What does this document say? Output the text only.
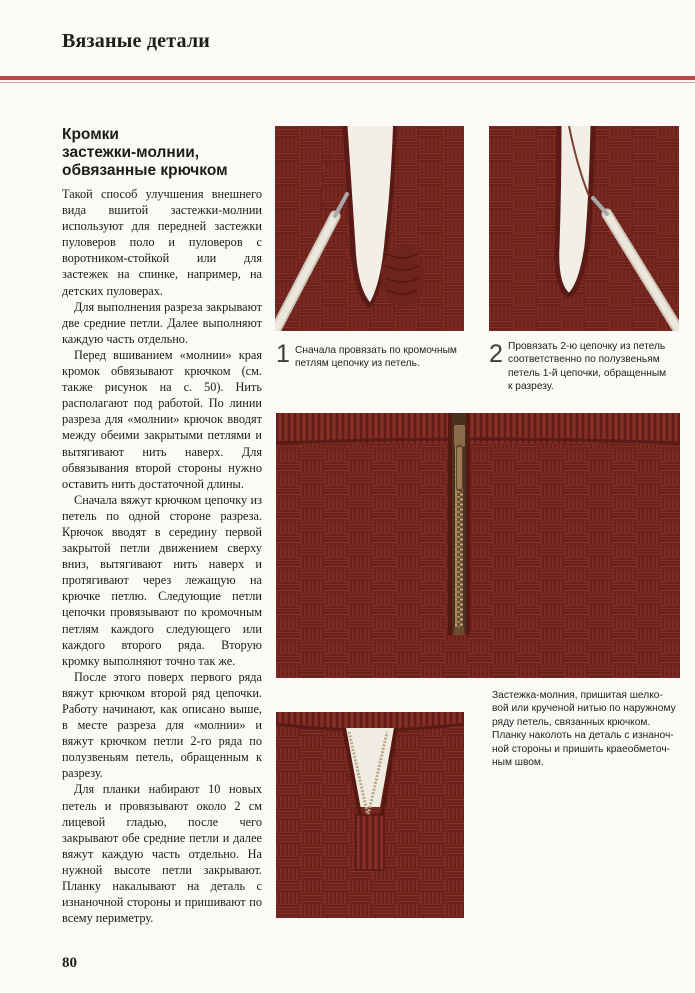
Вязаные детали
Кромки
застежки-молнии,
обвязанные крючком

Такой способ улучшения внешнего вида вшитой застежки-молнии используют для передней застежки пуловеров поло и пуловеров с воротником-стойкой или для застежек на спинке, например, на детских пуловерах.

Для выполнения разреза закрывают две средние петли. Далее выполняют каждую часть отдельно.

Перед вшиванием «молнии» края кромок обвязывают крючком (см. также рисунок на с. 50). Нить располагают под работой. По линии разреза для «молнии» крючок вводят между обеими закрытыми петлями и вытягивают нить наверх. Для обвязывания второй стороны нужно оставить нить достаточной длины.

Сначала вяжут крючком цепочку из петель по одной стороне разреза. Крючок вводят в середину первой закрытой петли движением сверху вниз, вытягивают нить наверх и протягивают через лежащую на крючке петлю. Следующие петли цепочки провязывают по кромочным петлям каждого следующего или каждого второго ряда. Вторую кромку выполняют точно так же.

После этого поверх первого ряда вяжут крючком второй ряд цепочки. Работу начинают, как описано выше, в месте разреза для «молнии» и вяжут крючком петли 2-го ряда по полузвеньям петель, обращенным к разрезу.

Для планки набирают 10 новых петель и провязывают около 2 см лицевой гладью, после чего закрывают обе средние петли и далее вяжут каждую часть отдельно. На нужной высоте петли закрывают. Планку накалывают на деталь с изнаночной стороны и пришивают по всему периметру.

1 Сначала провязать по кромочным
петлям цепочку из петель.	2 Провязать 2-ю цепочку из петель
соответственно по полузвеньям
петель 1-й цепочки, обращенным
к разрезу.
Застежка-молния, пришитая шелко-
вой или крученой нитью по наружному
ряду петель, связанных крючком.
Планку наколоть на деталь с изнаноч-
ной стороны и пришить краеобметоч-
ным швом.
80
